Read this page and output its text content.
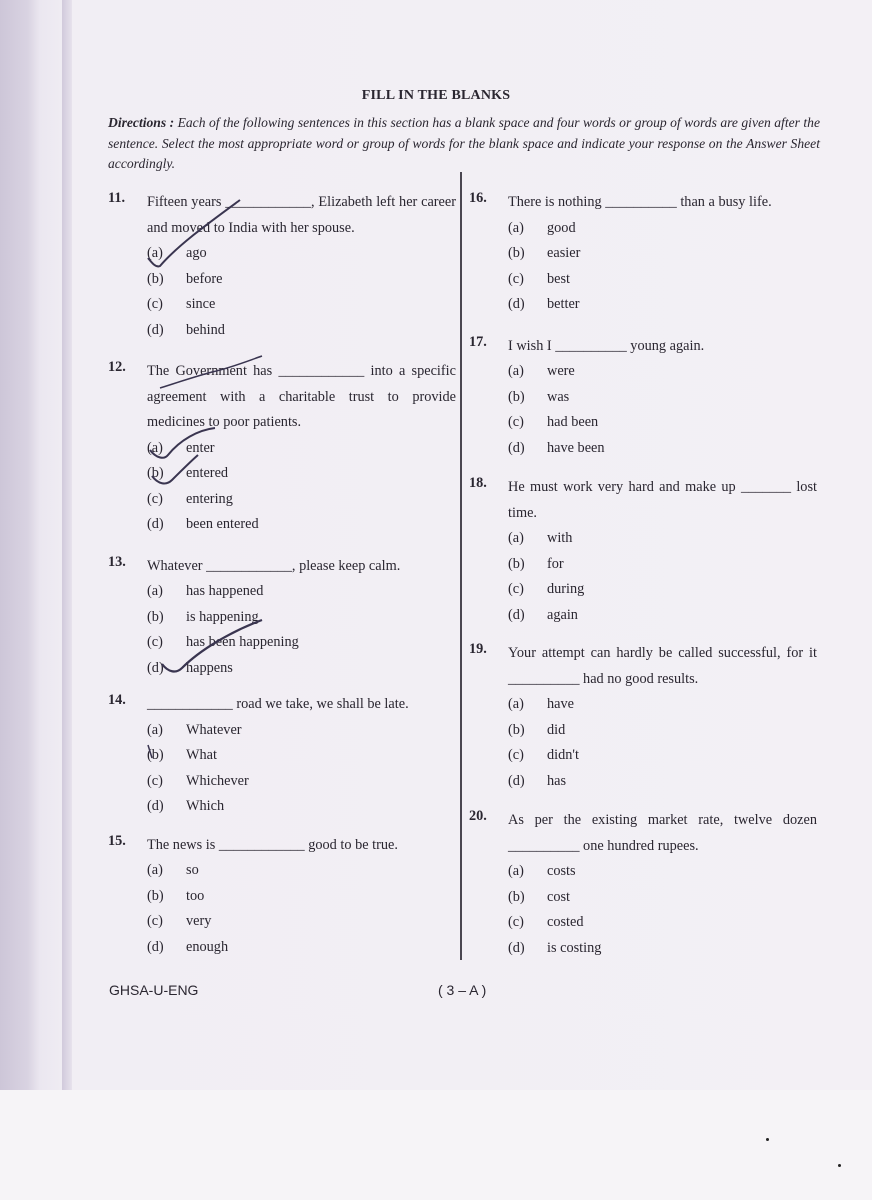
FILL IN THE BLANKS
Directions : Each of the following sentences in this section has a blank space and four words or group of words are given after the sentence. Select the most appropriate word or group of words for the blank space and indicate your response on the Answer Sheet accordingly.
11. Fifteen years ____________, Elizabeth left her career and moved to India with her spouse.
(a) ago
(b) before
(c) since
(d) behind
12. The Government has ____________ into a specific agreement with a charitable trust to provide medicines to poor patients.
(a) enter
(b) entered
(c) entering
(d) been entered
13. Whatever ____________, please keep calm.
(a) has happened
(b) is happening
(c) has been happening
(d) happens
14. ____________ road we take, we shall be late.
(a) Whatever
(b) What
(c) Whichever
(d) Which
15. The news is ____________ good to be true.
(a) so
(b) too
(c) very
(d) enough
16. There is nothing __________ than a busy life.
(a) good
(b) easier
(c) best
(d) better
17. I wish I __________ young again.
(a) were
(b) was
(c) had been
(d) have been
18. He must work very hard and make up _______ lost time.
(a) with
(b) for
(c) during
(d) again
19. Your attempt can hardly be called successful, for it __________ had no good results.
(a) have
(b) did
(c) didn't
(d) has
20. As per the existing market rate, twelve dozen __________ one hundred rupees.
(a) costs
(b) cost
(c) costed
(d) is costing
GHSA-U-ENG	( 3 – A )
